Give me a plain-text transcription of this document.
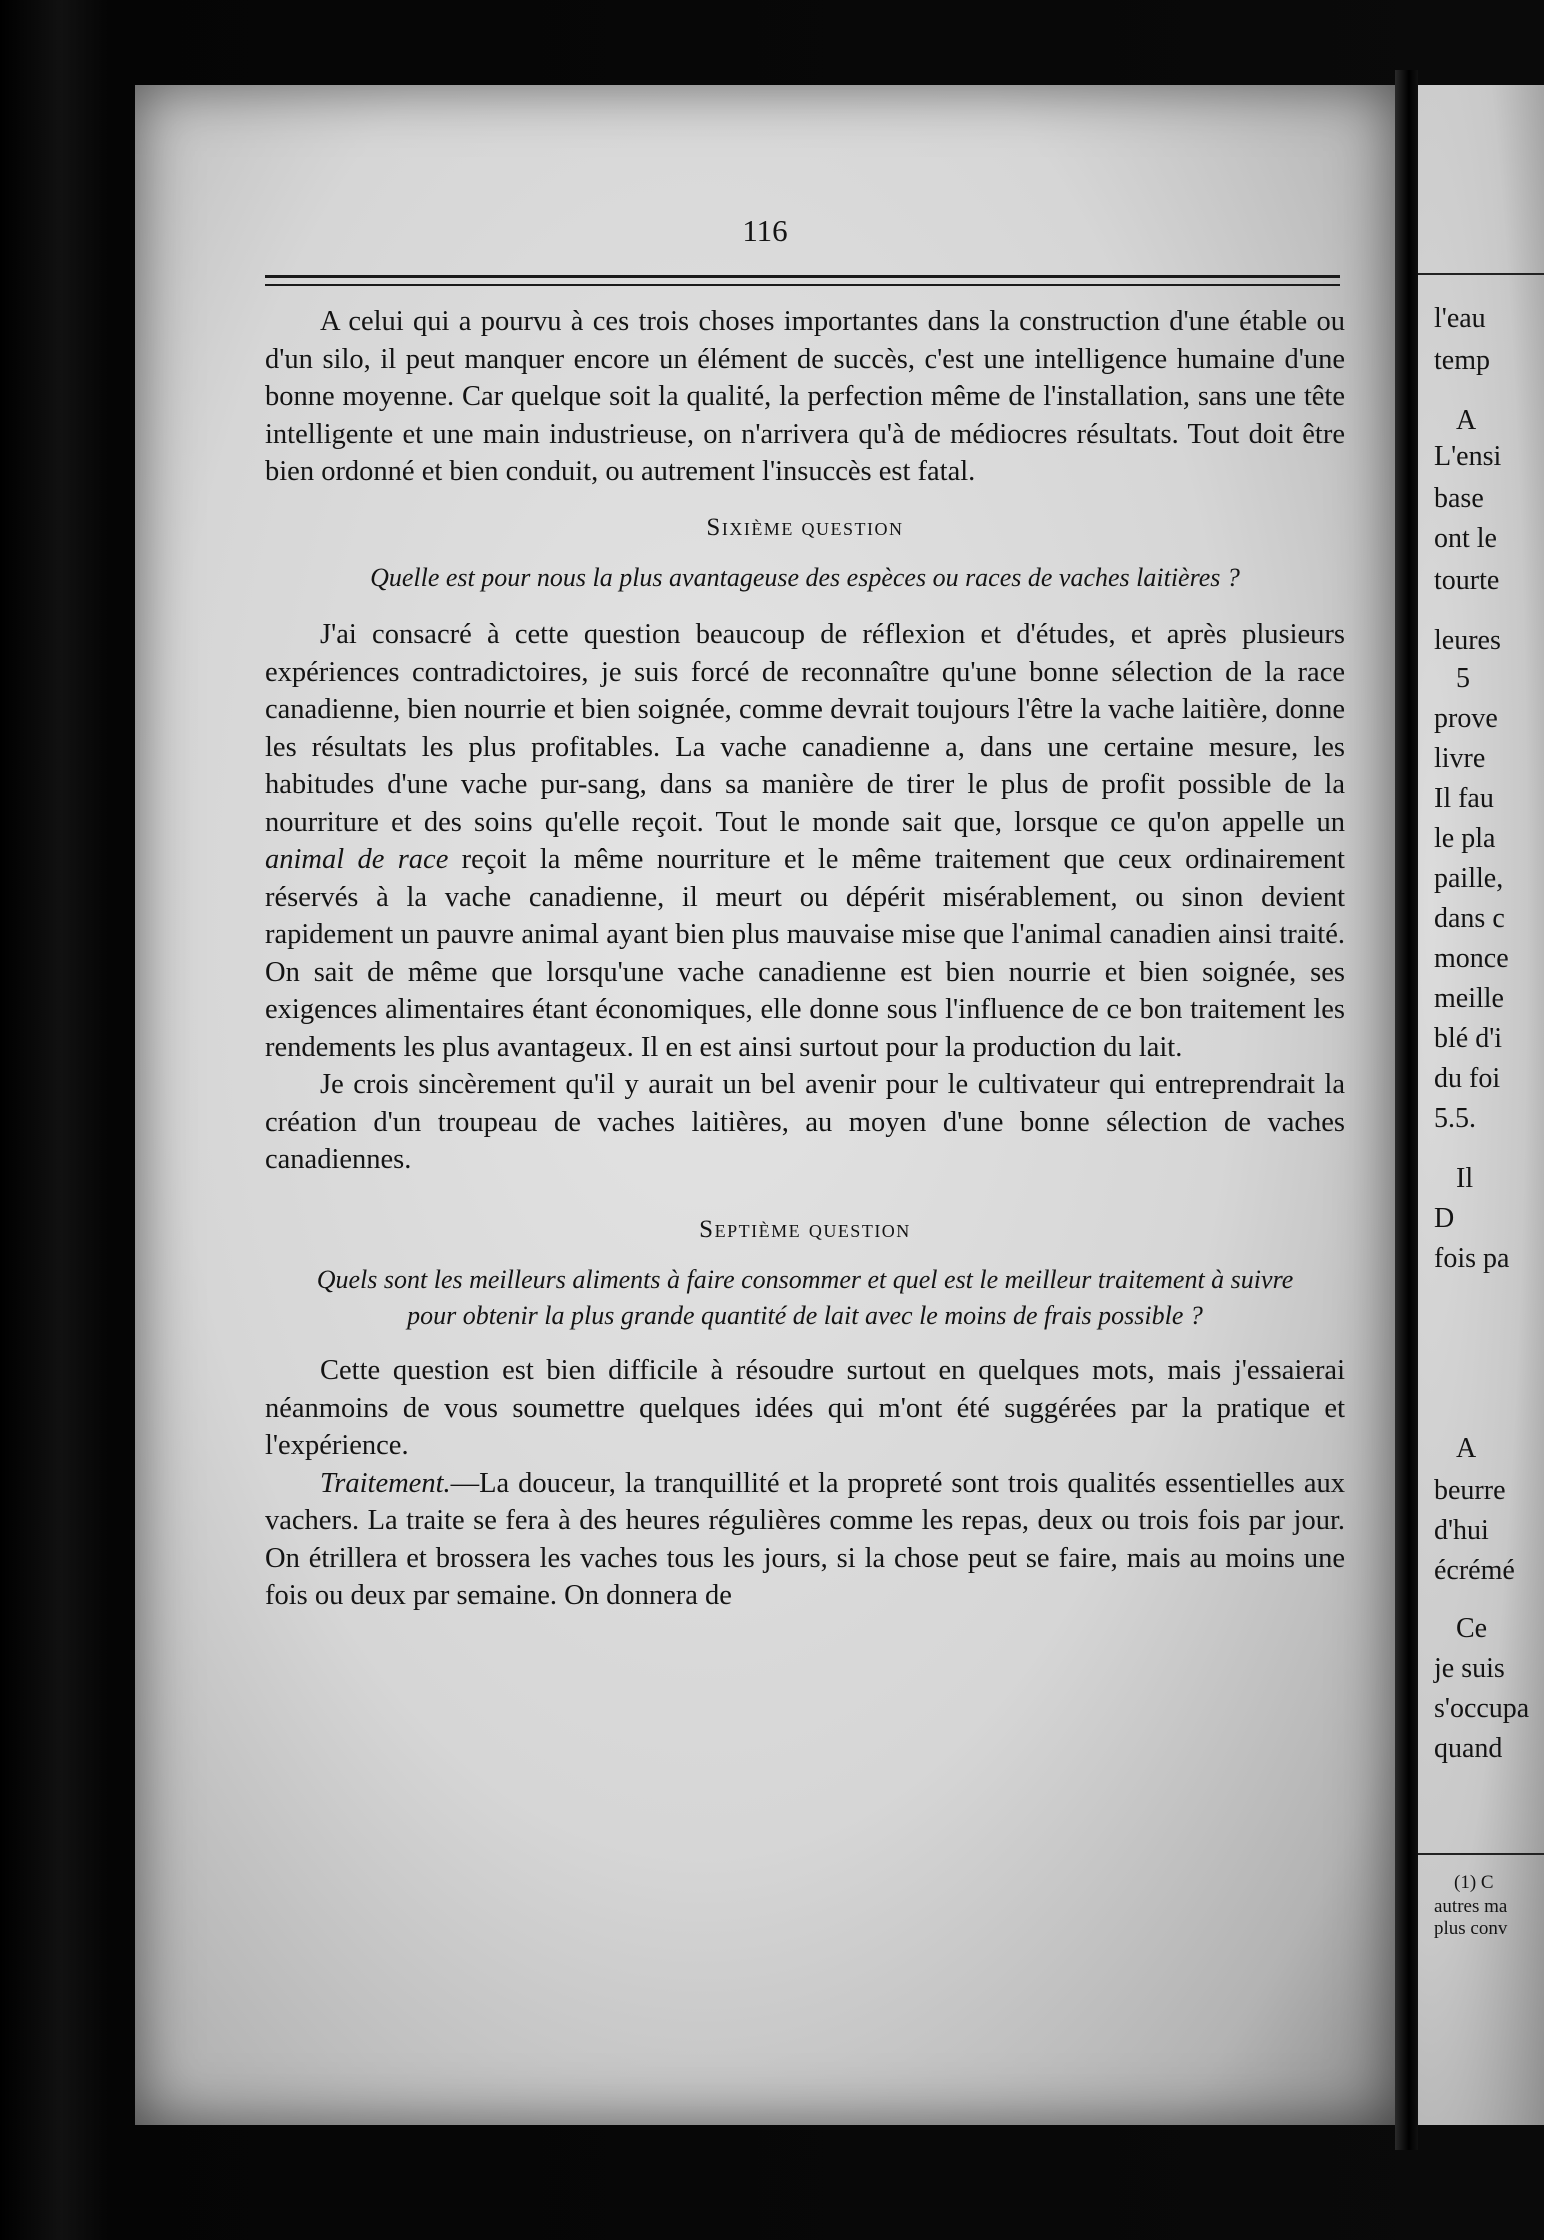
116

A celui qui a pourvu à ces trois choses importantes dans la construction d'une étable ou d'un silo, il peut manquer encore un élément de succès, c'est une intelligence humaine d'une bonne moyenne. Car quelque soit la qualité, la perfection même de l'installation, sans une tête intelligente et une main industrieuse, on n'arrivera qu'à de médiocres résultats. Tout doit être bien ordonné et bien conduit, ou autrement l'insuccès est fatal.

Sixième question
Quelle est pour nous la plus avantageuse des espèces ou races de vaches laitières ?

J'ai consacré à cette question beaucoup de réflexion et d'études, et après plusieurs expériences contradictoires, je suis forcé de reconnaître qu'une bonne sélection de la race canadienne, bien nourrie et bien soignée, comme devrait toujours l'être la vache laitière, donne les résultats les plus profitables. La vache canadienne a, dans une certaine mesure, les habitudes d'une vache pur-sang, dans sa manière de tirer le plus de profit possible de la nourriture et des soins qu'elle reçoit. Tout le monde sait que, lorsque ce qu'on appelle un animal de race reçoit la même nourriture et le même traitement que ceux ordinairement réservés à la vache canadienne, il meurt ou dépérit misérablement, ou sinon devient rapidement un pauvre animal ayant bien plus mauvaise mise que l'animal canadien ainsi traité. On sait de même que lorsqu'une vache canadienne est bien nourrie et bien soignée, ses exigences alimentaires étant économiques, elle donne sous l'influence de ce bon traitement les rendements les plus avantageux. Il en est ainsi surtout pour la production du lait.

Je crois sincèrement qu'il y aurait un bel avenir pour le cultivateur qui entreprendrait la création d'un troupeau de vaches laitières, au moyen d'une bonne sélection de vaches canadiennes.

Septième question
Quels sont les meilleurs aliments à faire consommer et quel est le meilleur traitement à suivre pour obtenir la plus grande quantité de lait avec le moins de frais possible ?

Cette question est bien difficile à résoudre surtout en quelques mots, mais j'essaierai néanmoins de vous soumettre quelques idées qui m'ont été suggérées par la pratique et l'expérience.

Traitement.—La douceur, la tranquillité et la propreté sont trois qualités essentielles aux vachers. La traite se fera à des heures régulières comme les repas, deux ou trois fois par jour. On étrillera et brossera les vaches tous les jours, si la chose peut se faire, mais au moins une fois ou deux par semaine. On donnera de

l'eau
temp
A
L'ensi
base
ont le
tourte
leures
5
prove
livre
Il fau
le pla
paille,
dans c
monce
meille
blé d'i
du foi
5.5.
Il
D
fois pa
A
beurre
d'hui
écrémé
Ce
je suis
s'occupa
quand
(1) C
autres ma
plus conv
